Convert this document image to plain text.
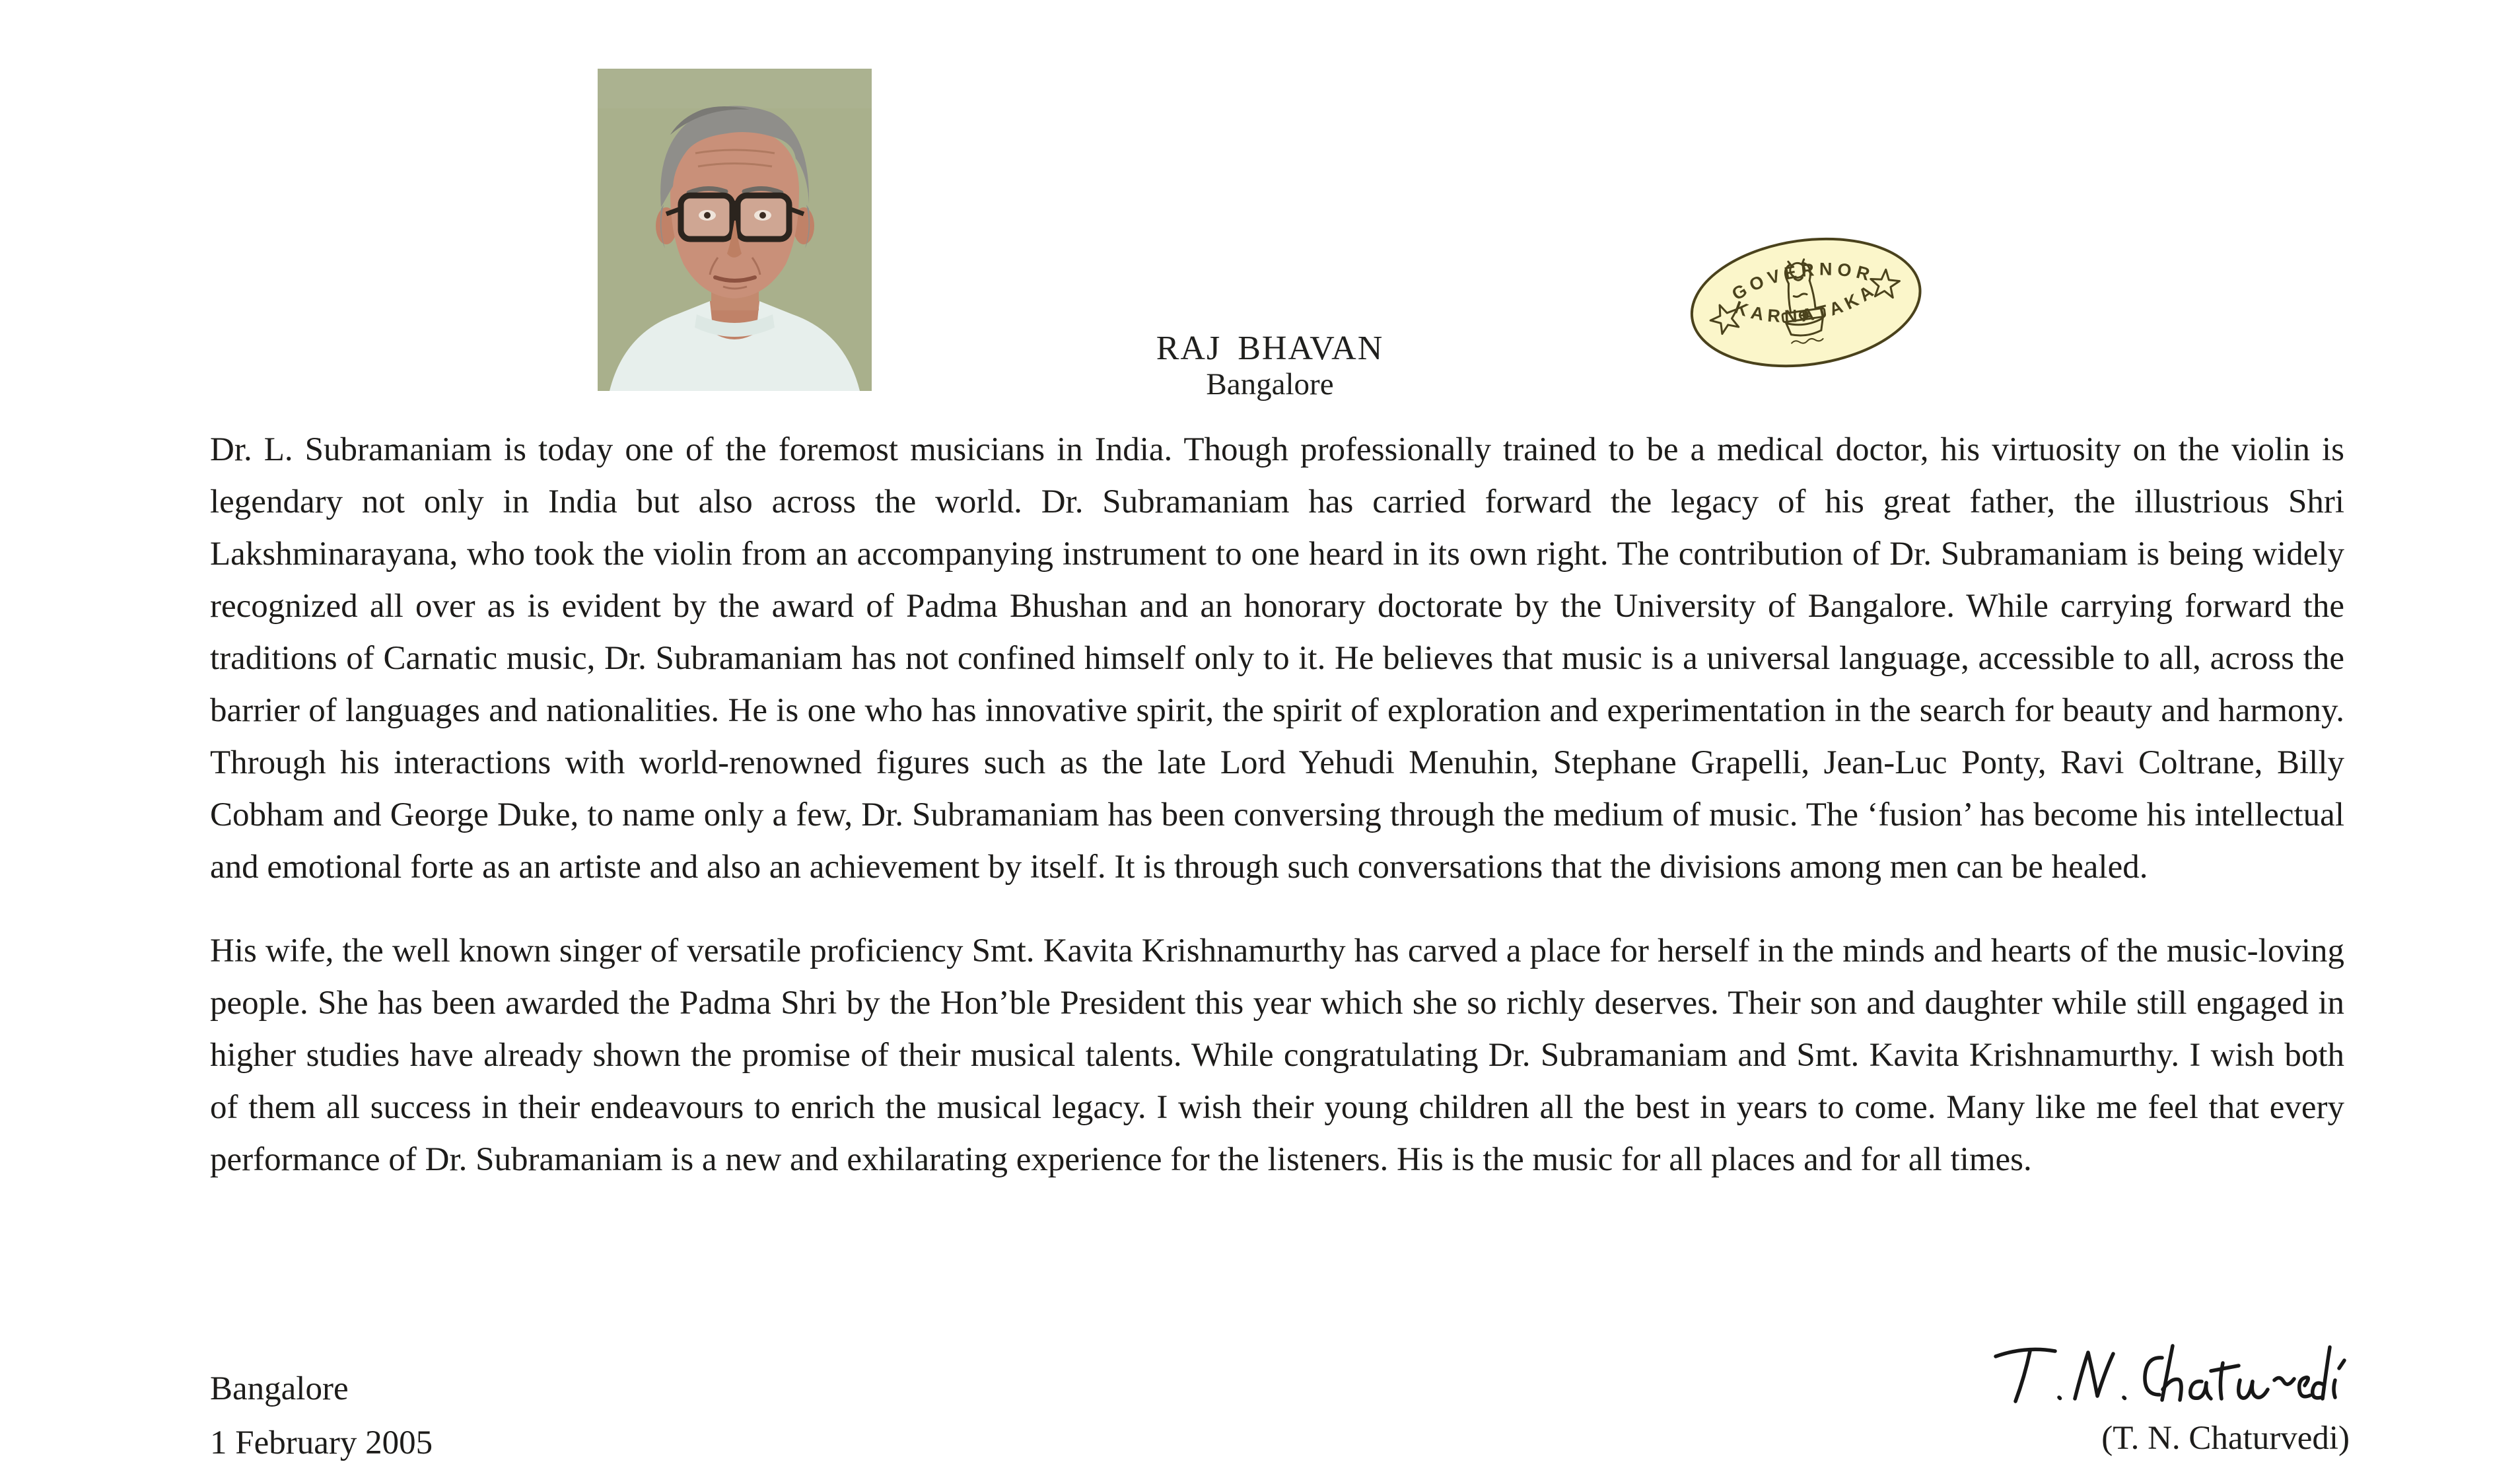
RAJ BHAVAN
Bangalore
GOVERNOR
KARNATAKA

Dr. L. Subramaniam is today one of the foremost musicians in India. Though professionally trained to be a medical doctor, his virtuosity on the violin is legendary not only in India but also across the world. Dr. Subramaniam has carried forward the legacy of his great father, the illustrious Shri Lakshminarayana, who took the violin from an accompanying instrument to one heard in its own right. The contribution of Dr. Subramaniam is being widely recognized all over as is evident by the award of Padma Bhushan and an honorary doctorate by the University of Bangalore. While carrying forward the traditions of Carnatic music, Dr. Subramaniam has not confined himself only to it. He believes that music is a universal language, accessible to all, across the barrier of languages and nationalities. He is one who has innovative spirit, the spirit of exploration and experimentation in the search for beauty and harmony. Through his interactions with world-renowned figures such as the late Lord Yehudi Menuhin, Stephane Grapelli, Jean-Luc Ponty, Ravi Coltrane, Billy Cobham and George Duke, to name only a few, Dr. Subramaniam has been conversing through the medium of music. The ‘fusion’ has become his intellectual and emotional forte as an artiste and also an achievement by itself. It is through such conversations that the divisions among men can be healed.

His wife, the well known singer of versatile proficiency Smt. Kavita Krishnamurthy has carved a place for herself in the minds and hearts of the music-loving people. She has been awarded the Padma Shri by the Hon’ble President this year which she so richly deserves. Their son and daughter while still engaged in higher studies have already shown the promise of their musical talents. While congratulating Dr. Subramaniam and Smt. Kavita Krishnamurthy. I wish both of them all success in their endeavours to enrich the musical legacy. I wish their young children all the best in years to come. Many like me feel that every performance of Dr. Subramaniam is a new and exhilarating experience for the listeners. His is the music for all places and for all times.

Bangalore
1 February 2005	(T. N. Chaturvedi)
